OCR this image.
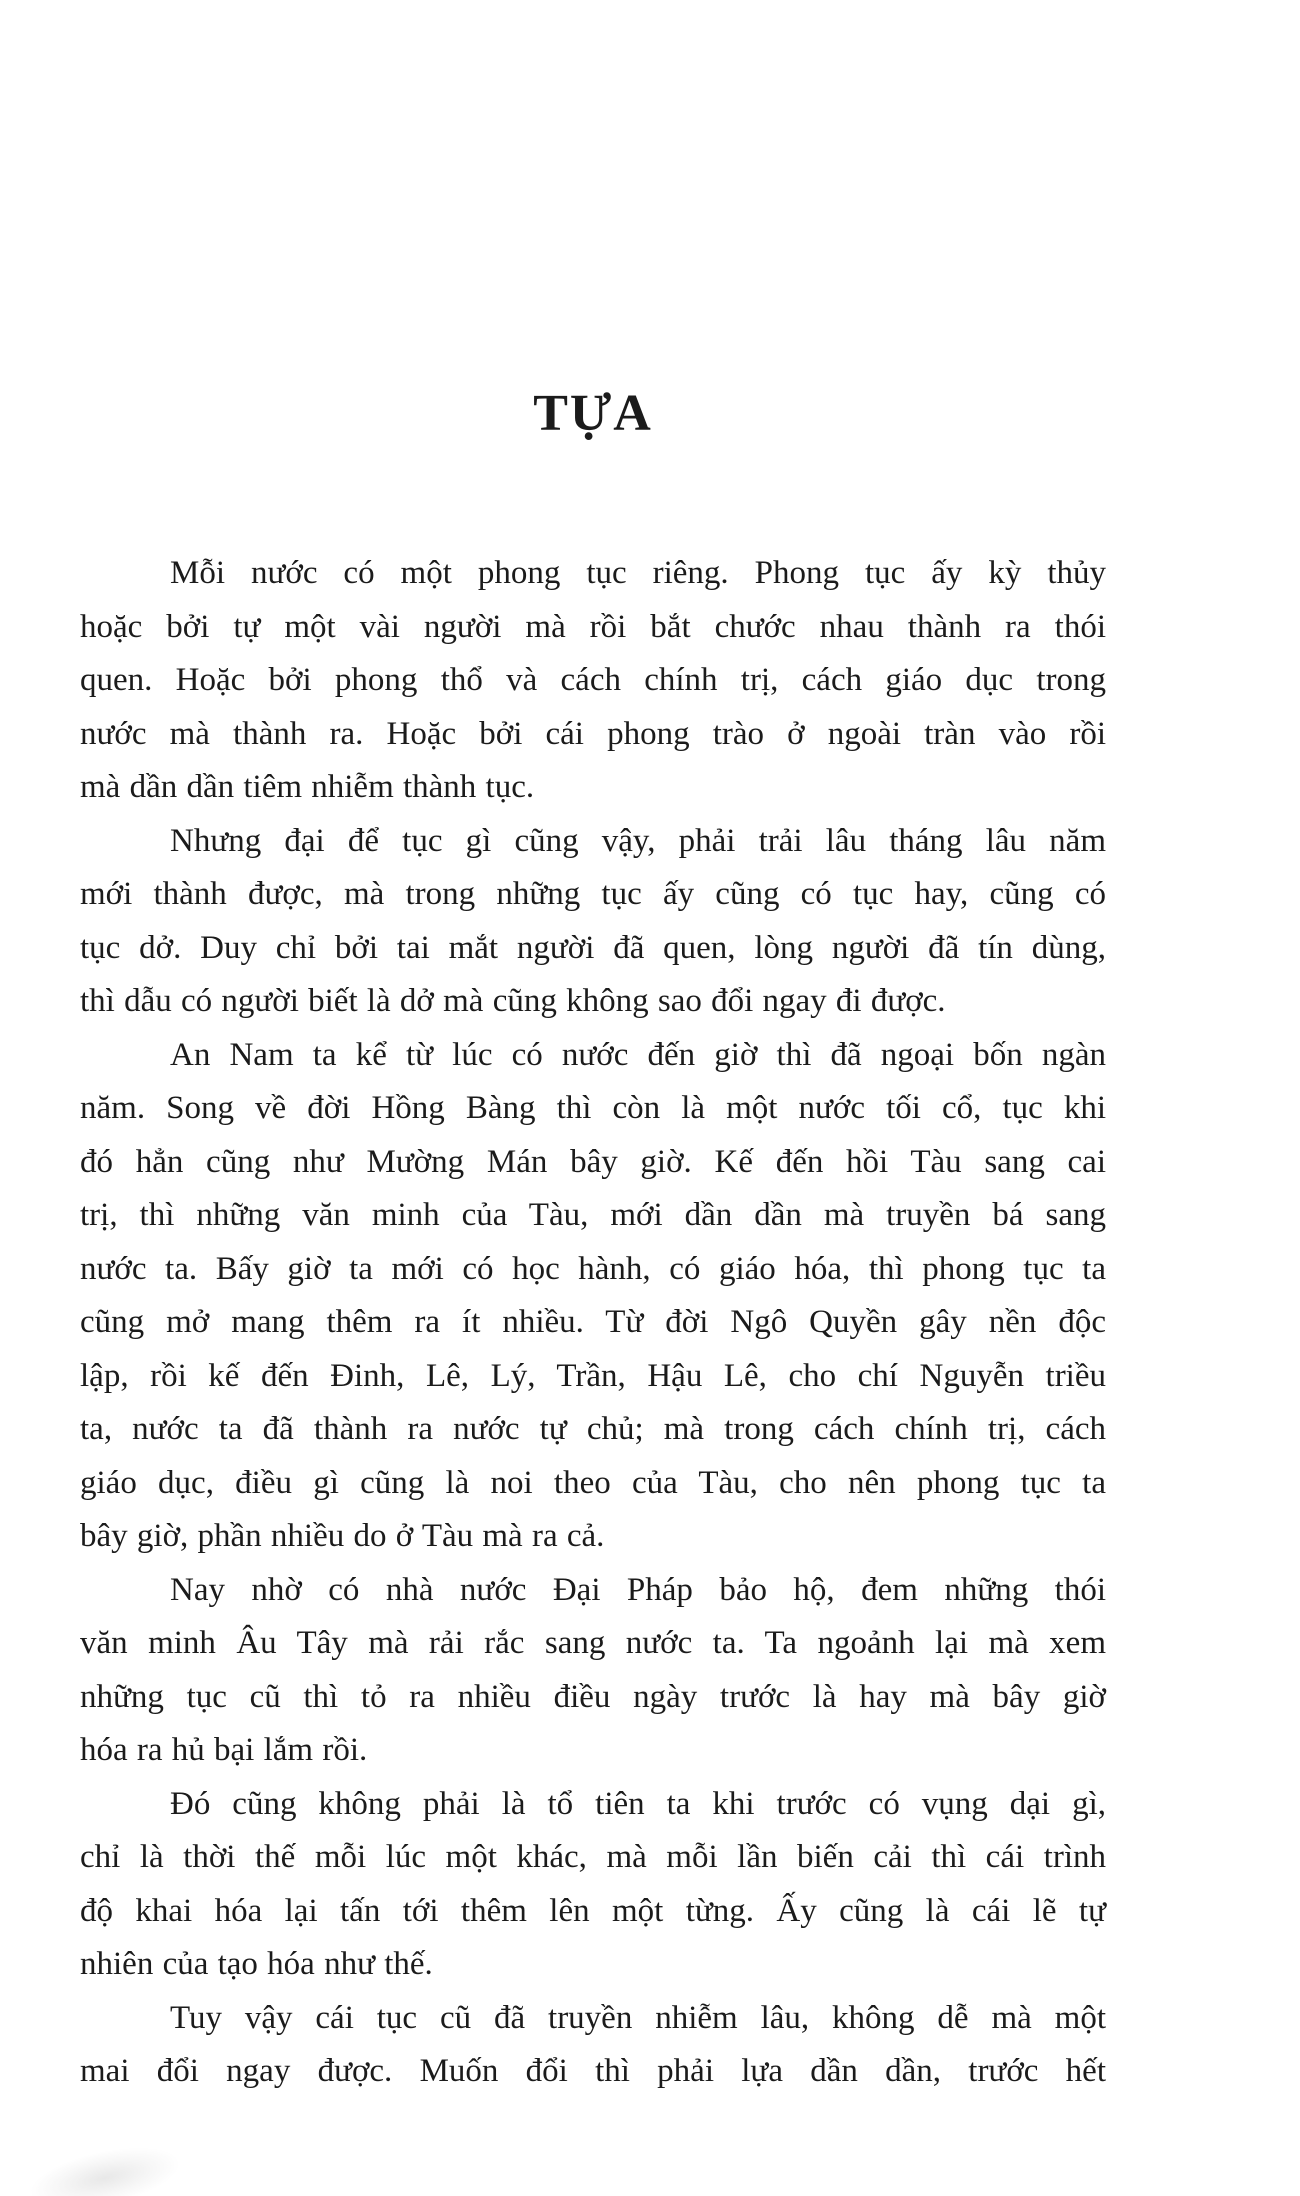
TỰA
Mỗi nước có một phong tục riêng. Phong tục ấy kỳ thủy
hoặc bởi tự một vài người mà rồi bắt chước nhau thành ra thói
quen. Hoặc bởi phong thổ và cách chính trị, cách giáo dục trong
nước mà thành ra. Hoặc bởi cái phong trào ở ngoài tràn vào rồi
mà dần dần tiêm nhiễm thành tục.
Nhưng đại để tục gì cũng vậy, phải trải lâu tháng lâu năm
mới thành được, mà trong những tục ấy cũng có tục hay, cũng có
tục dở. Duy chỉ bởi tai mắt người đã quen, lòng người đã tín dùng,
thì dẫu có người biết là dở mà cũng không sao đổi ngay đi được.
An Nam ta kể từ lúc có nước đến giờ thì đã ngoại bốn ngàn
năm. Song về đời Hồng Bàng thì còn là một nước tối cổ, tục khi
đó hẳn cũng như Mường Mán bây giờ. Kế đến hồi Tàu sang cai
trị, thì những văn minh của Tàu, mới dần dần mà truyền bá sang
nước ta. Bấy giờ ta mới có học hành, có giáo hóa, thì phong tục ta
cũng mở mang thêm ra ít nhiều. Từ đời Ngô Quyền gây nền độc
lập, rồi kế đến Đinh, Lê, Lý, Trần, Hậu Lê, cho chí Nguyễn triều
ta, nước ta đã thành ra nước tự chủ; mà trong cách chính trị, cách
giáo dục, điều gì cũng là noi theo của Tàu, cho nên phong tục ta
bây giờ, phần nhiều do ở Tàu mà ra cả.
Nay nhờ có nhà nước Đại Pháp bảo hộ, đem những thói
văn minh Âu Tây mà rải rắc sang nước ta. Ta ngoảnh lại mà xem
những tục cũ thì tỏ ra nhiều điều ngày trước là hay mà bây giờ
hóa ra hủ bại lắm rồi.
Đó cũng không phải là tổ tiên ta khi trước có vụng dại gì,
chỉ là thời thế mỗi lúc một khác, mà mỗi lần biến cải thì cái trình
độ khai hóa lại tấn tới thêm lên một từng. Ấy cũng là cái lẽ tự
nhiên của tạo hóa như thế.
Tuy vậy cái tục cũ đã truyền nhiễm lâu, không dễ mà một
mai đổi ngay được. Muốn đổi thì phải lựa dần dần, trước hết
